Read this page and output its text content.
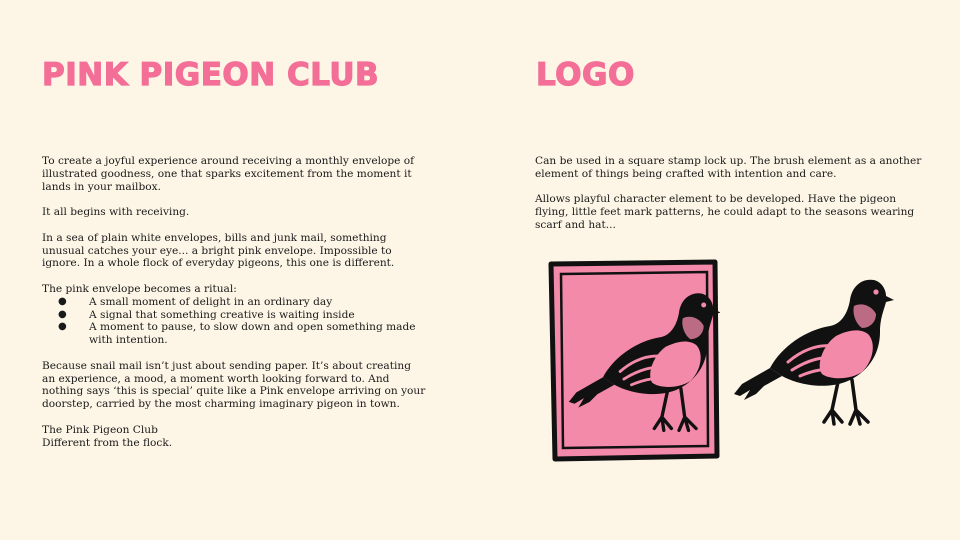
PINK PIGEON CLUB	LOGO

To create a joyful experience around receiving a monthly envelope of illustrated goodness, one that sparks excitement from the moment it lands in your mailbox.

It all begins with receiving.

In a sea of plain white envelopes, bills and junk mail, something unusual catches your eye... a bright pink envelope. Impossible to ignore. In a whole flock of everyday pigeons, this one is different.

The pink envelope becomes a ritual:
● A small moment of delight in an ordinary day
● A signal that something creative is waiting inside
● A moment to pause, to slow down and open something made with intention.

Because snail mail isn’t just about sending paper. It’s about creating an experience, a mood, a moment worth looking forward to. And nothing says ‘this is special’ quite like a Pink envelope arriving on your doorstep, carried by the most charming imaginary pigeon in town.

The Pink Pigeon Club
Different from the flock.

Can be used in a square stamp lock up. The brush element as a another element of things being crafted with intention and care.

Allows playful character element to be developed. Have the pigeon flying, little feet mark patterns, he could adapt to the seasons wearing scarf and hat...
